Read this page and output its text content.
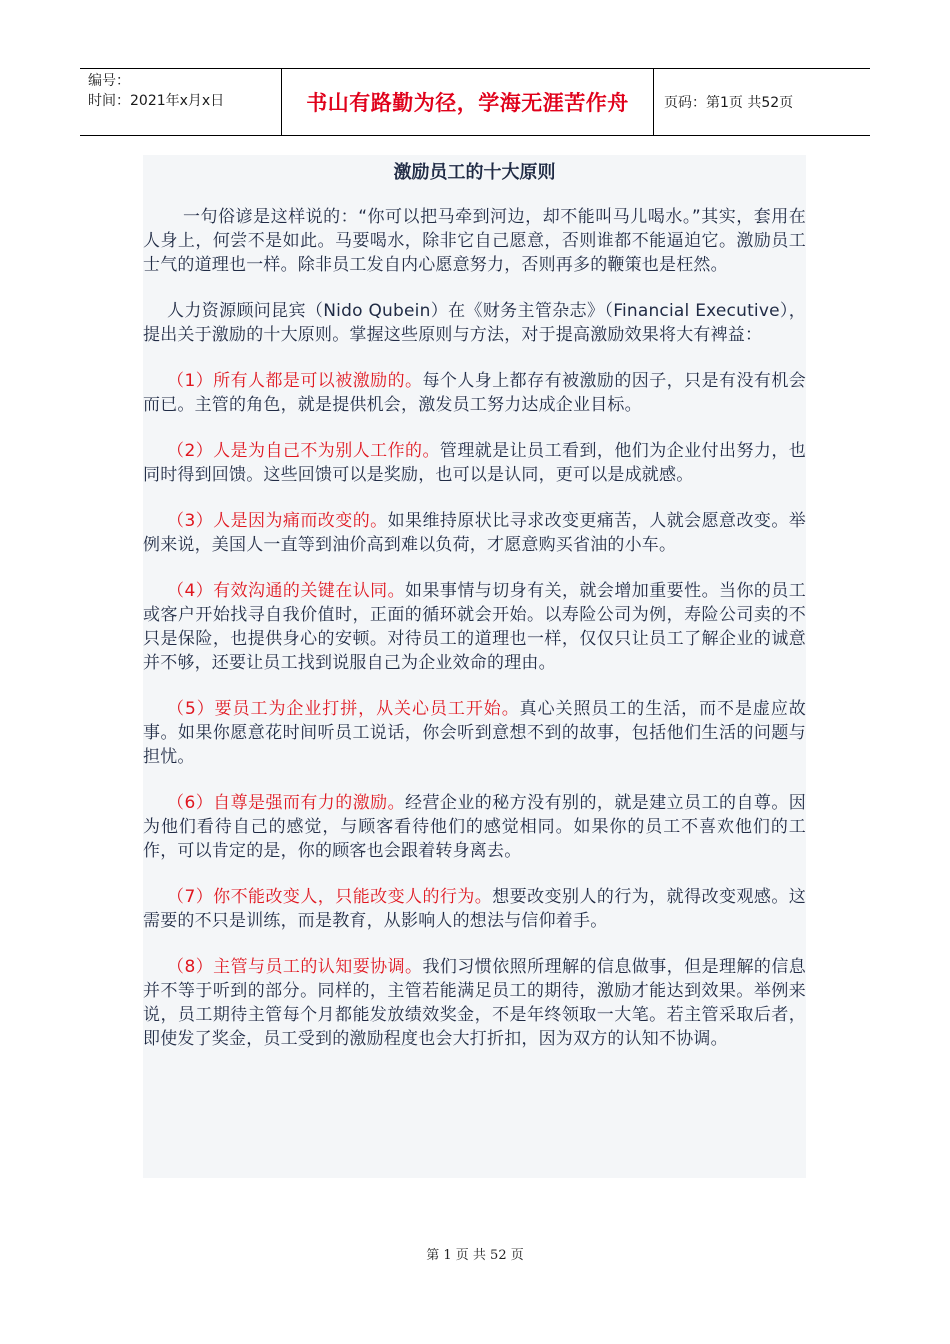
编号：
时间：2021年x月x日	书山有路勤为径，学海无涯苦作舟	页码：第1页 共52页
激励员工的十大原则

一句俗谚是这样说的：“你可以把马牵到河边，却不能叫马儿喝水。”其实，套用在人身上，何尝不是如此。马要喝水，除非它自己愿意，否则谁都不能逼迫它。激励员工士气的道理也一样。除非员工发自内心愿意努力，否则再多的鞭策也是枉然。

人力资源顾问昆宾（Nido Qubein）在《财务主管杂志》（Financial Executive），提出关于激励的十大原则。掌握这些原则与方法，对于提高激励效果将大有裨益：

（1）所有人都是可以被激励的。每个人身上都存有被激励的因子，只是有没有机会而已。主管的角色，就是提供机会，激发员工努力达成企业目标。

（2）人是为自己不为别人工作的。管理就是让员工看到，他们为企业付出努力，也同时得到回馈。这些回馈可以是奖励，也可以是认同，更可以是成就感。

（3）人是因为痛而改变的。如果维持原状比寻求改变更痛苦，人就会愿意改变。举例来说，美国人一直等到油价高到难以负荷，才愿意购买省油的小车。

（4）有效沟通的关键在认同。如果事情与切身有关，就会增加重要性。当你的员工或客户开始找寻自我价值时，正面的循环就会开始。以寿险公司为例，寿险公司卖的不只是保险，也提供身心的安顿。对待员工的道理也一样，仅仅只让员工了解企业的诚意并不够，还要让员工找到说服自己为企业效命的理由。

（5）要员工为企业打拼，从关心员工开始。真心关照员工的生活，而不是虚应故事。如果你愿意花时间听员工说话，你会听到意想不到的故事，包括他们生活的问题与担忧。

（6）自尊是强而有力的激励。经营企业的秘方没有别的，就是建立员工的自尊。因为他们看待自己的感觉，与顾客看待他们的感觉相同。如果你的员工不喜欢他们的工作，可以肯定的是，你的顾客也会跟着转身离去。

（7）你不能改变人，只能改变人的行为。想要改变别人的行为，就得改变观感。这需要的不只是训练，而是教育，从影响人的想法与信仰着手。

（8）主管与员工的认知要协调。我们习惯依照所理解的信息做事，但是理解的信息并不等于听到的部分。同样的，主管若能满足员工的期待，激励才能达到效果。举例来说，员工期待主管每个月都能发放绩效奖金，不是年终领取一大笔。若主管采取后者，即使发了奖金，员工受到的激励程度也会大打折扣，因为双方的认知不协调。

第 1 页 共 52 页
